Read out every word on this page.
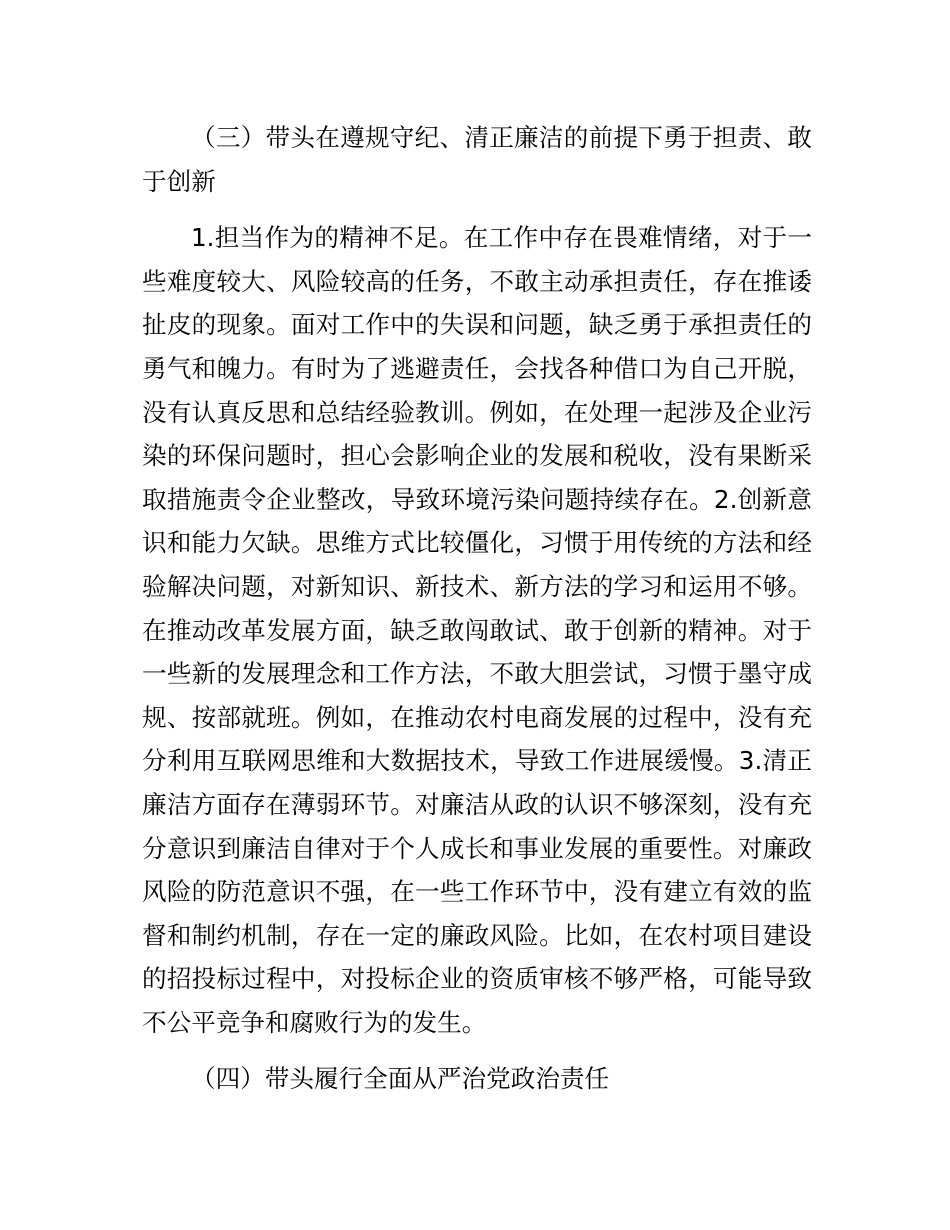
（三）带头在遵规守纪、清正廉洁的前提下勇于担责、敢于创新

1.担当作为的精神不足。在工作中存在畏难情绪，对于一些难度较大、风险较高的任务，不敢主动承担责任，存在推诿扯皮的现象。面对工作中的失误和问题，缺乏勇于承担责任的勇气和魄力。有时为了逃避责任，会找各种借口为自己开脱，没有认真反思和总结经验教训。例如，在处理一起涉及企业污染的环保问题时，担心会影响企业的发展和税收，没有果断采取措施责令企业整改，导致环境污染问题持续存在。2.创新意识和能力欠缺。思维方式比较僵化，习惯于用传统的方法和经验解决问题，对新知识、新技术、新方法的学习和运用不够。在推动改革发展方面，缺乏敢闯敢试、敢于创新的精神。对于一些新的发展理念和工作方法，不敢大胆尝试，习惯于墨守成规、按部就班。例如，在推动农村电商发展的过程中，没有充分利用互联网思维和大数据技术，导致工作进展缓慢。3.清正廉洁方面存在薄弱环节。对廉洁从政的认识不够深刻，没有充分意识到廉洁自律对于个人成长和事业发展的重要性。对廉政风险的防范意识不强，在一些工作环节中，没有建立有效的监督和制约机制，存在一定的廉政风险。比如，在农村项目建设的招投标过程中，对投标企业的资质审核不够严格，可能导致不公平竞争和腐败行为的发生。

（四）带头履行全面从严治党政治责任
